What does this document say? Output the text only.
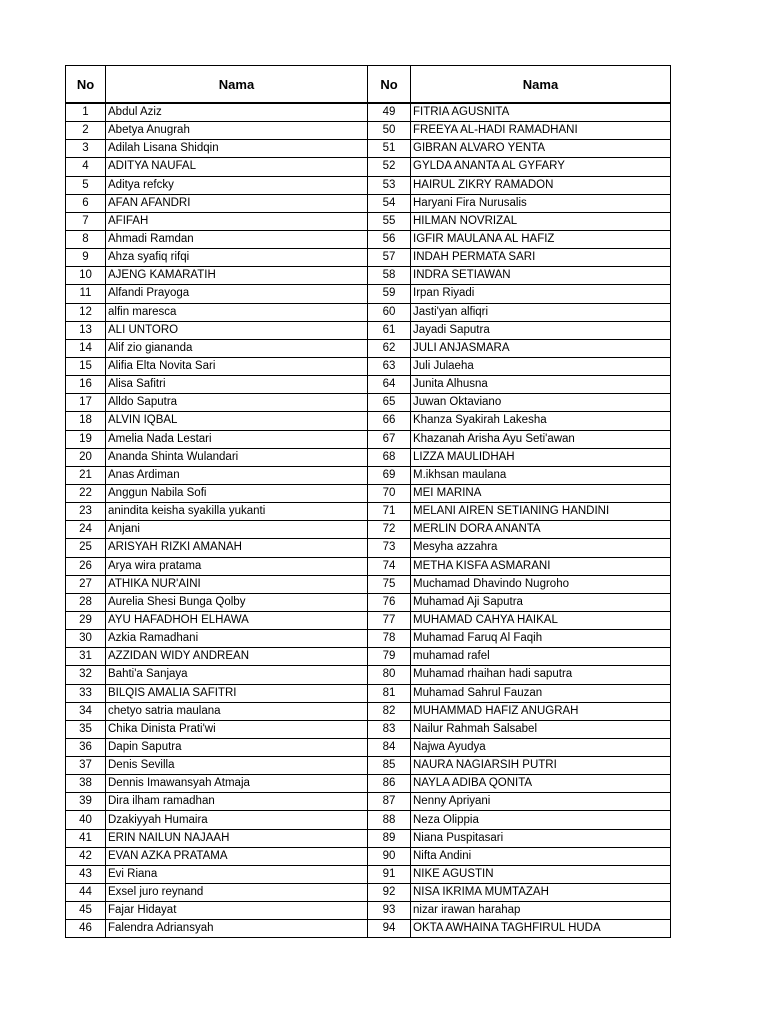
No	Nama	No	Nama

1	Abdul Aziz	49	FITRIA AGUSNITA
2	Abetya Anugrah	50	FREEYA AL-HADI RAMADHANI
3	Adilah Lisana Shidqin	51	GIBRAN ALVARO YENTA
4	ADITYA NAUFAL	52	GYLDA ANANTA AL GYFARY
5	Aditya refcky	53	HAIRUL ZIKRY RAMADON
6	AFAN AFANDRI	54	Haryani Fira Nurusalis
7	AFIFAH	55	HILMAN NOVRIZAL
8	Ahmadi Ramdan	56	IGFIR MAULANA AL HAFIZ
9	Ahza syafiq rifqi	57	INDAH PERMATA SARI
10	AJENG KAMARATIH	58	INDRA SETIAWAN
11	Alfandi Prayoga	59	Irpan Riyadi
12	alfin maresca	60	Jasti'yan alfiqri
13	ALI UNTORO	61	Jayadi Saputra
14	Alif zio giananda	62	JULI ANJASMARA
15	Alifia Elta Novita Sari	63	Juli Julaeha
16	Alisa Safitri	64	Junita Alhusna
17	Alldo Saputra	65	Juwan Oktaviano
18	ALVIN IQBAL	66	Khanza Syakirah Lakesha
19	Amelia Nada Lestari	67	Khazanah Arisha Ayu Seti'awan
20	Ananda Shinta Wulandari	68	LIZZA MAULIDHAH
21	Anas Ardiman	69	M.ikhsan maulana
22	Anggun Nabila Sofi	70	MEI MARINA
23	anindita keisha syakilla yukanti	71	MELANI AIREN SETIANING HANDINI
24	Anjani	72	MERLIN DORA ANANTA
25	ARISYAH RIZKI AMANAH	73	Mesyha azzahra
26	Arya wira pratama	74	METHA KISFA ASMARANI
27	ATHIKA NUR'AINI	75	Muchamad Dhavindo Nugroho
28	Aurelia Shesi Bunga Qolby	76	Muhamad Aji Saputra
29	AYU HAFADHOH ELHAWA	77	MUHAMAD CAHYA HAIKAL
30	Azkia Ramadhani	78	Muhamad Faruq Al Faqih
31	AZZIDAN WIDY ANDREAN	79	muhamad rafel
32	Bahti'a Sanjaya	80	Muhamad rhaihan hadi saputra
33	BILQIS AMALIA SAFITRI	81	Muhamad Sahrul Fauzan
34	chetyo satria maulana	82	MUHAMMAD HAFIZ ANUGRAH
35	Chika Dinista Prati'wi	83	Nailur Rahmah Salsabel
36	Dapin Saputra	84	Najwa Ayudya
37	Denis Sevilla	85	NAURA NAGIARSIH PUTRI
38	Dennis Imawansyah Atmaja	86	NAYLA ADIBA QONITA
39	Dira ilham ramadhan	87	Nenny Apriyani
40	Dzakiyyah Humaira	88	Neza Olippia
41	ERIN NAILUN NAJAAH	89	Niana Puspitasari
42	EVAN AZKA PRATAMA	90	Nifta Andini
43	Evi Riana	91	NIKE AGUSTIN
44	Exsel juro reynand	92	NISA IKRIMA MUMTAZAH
45	Fajar Hidayat	93	nizar irawan harahap
46	Falendra Adriansyah	94	OKTA AWHAINA TAGHFIRUL HUDA
